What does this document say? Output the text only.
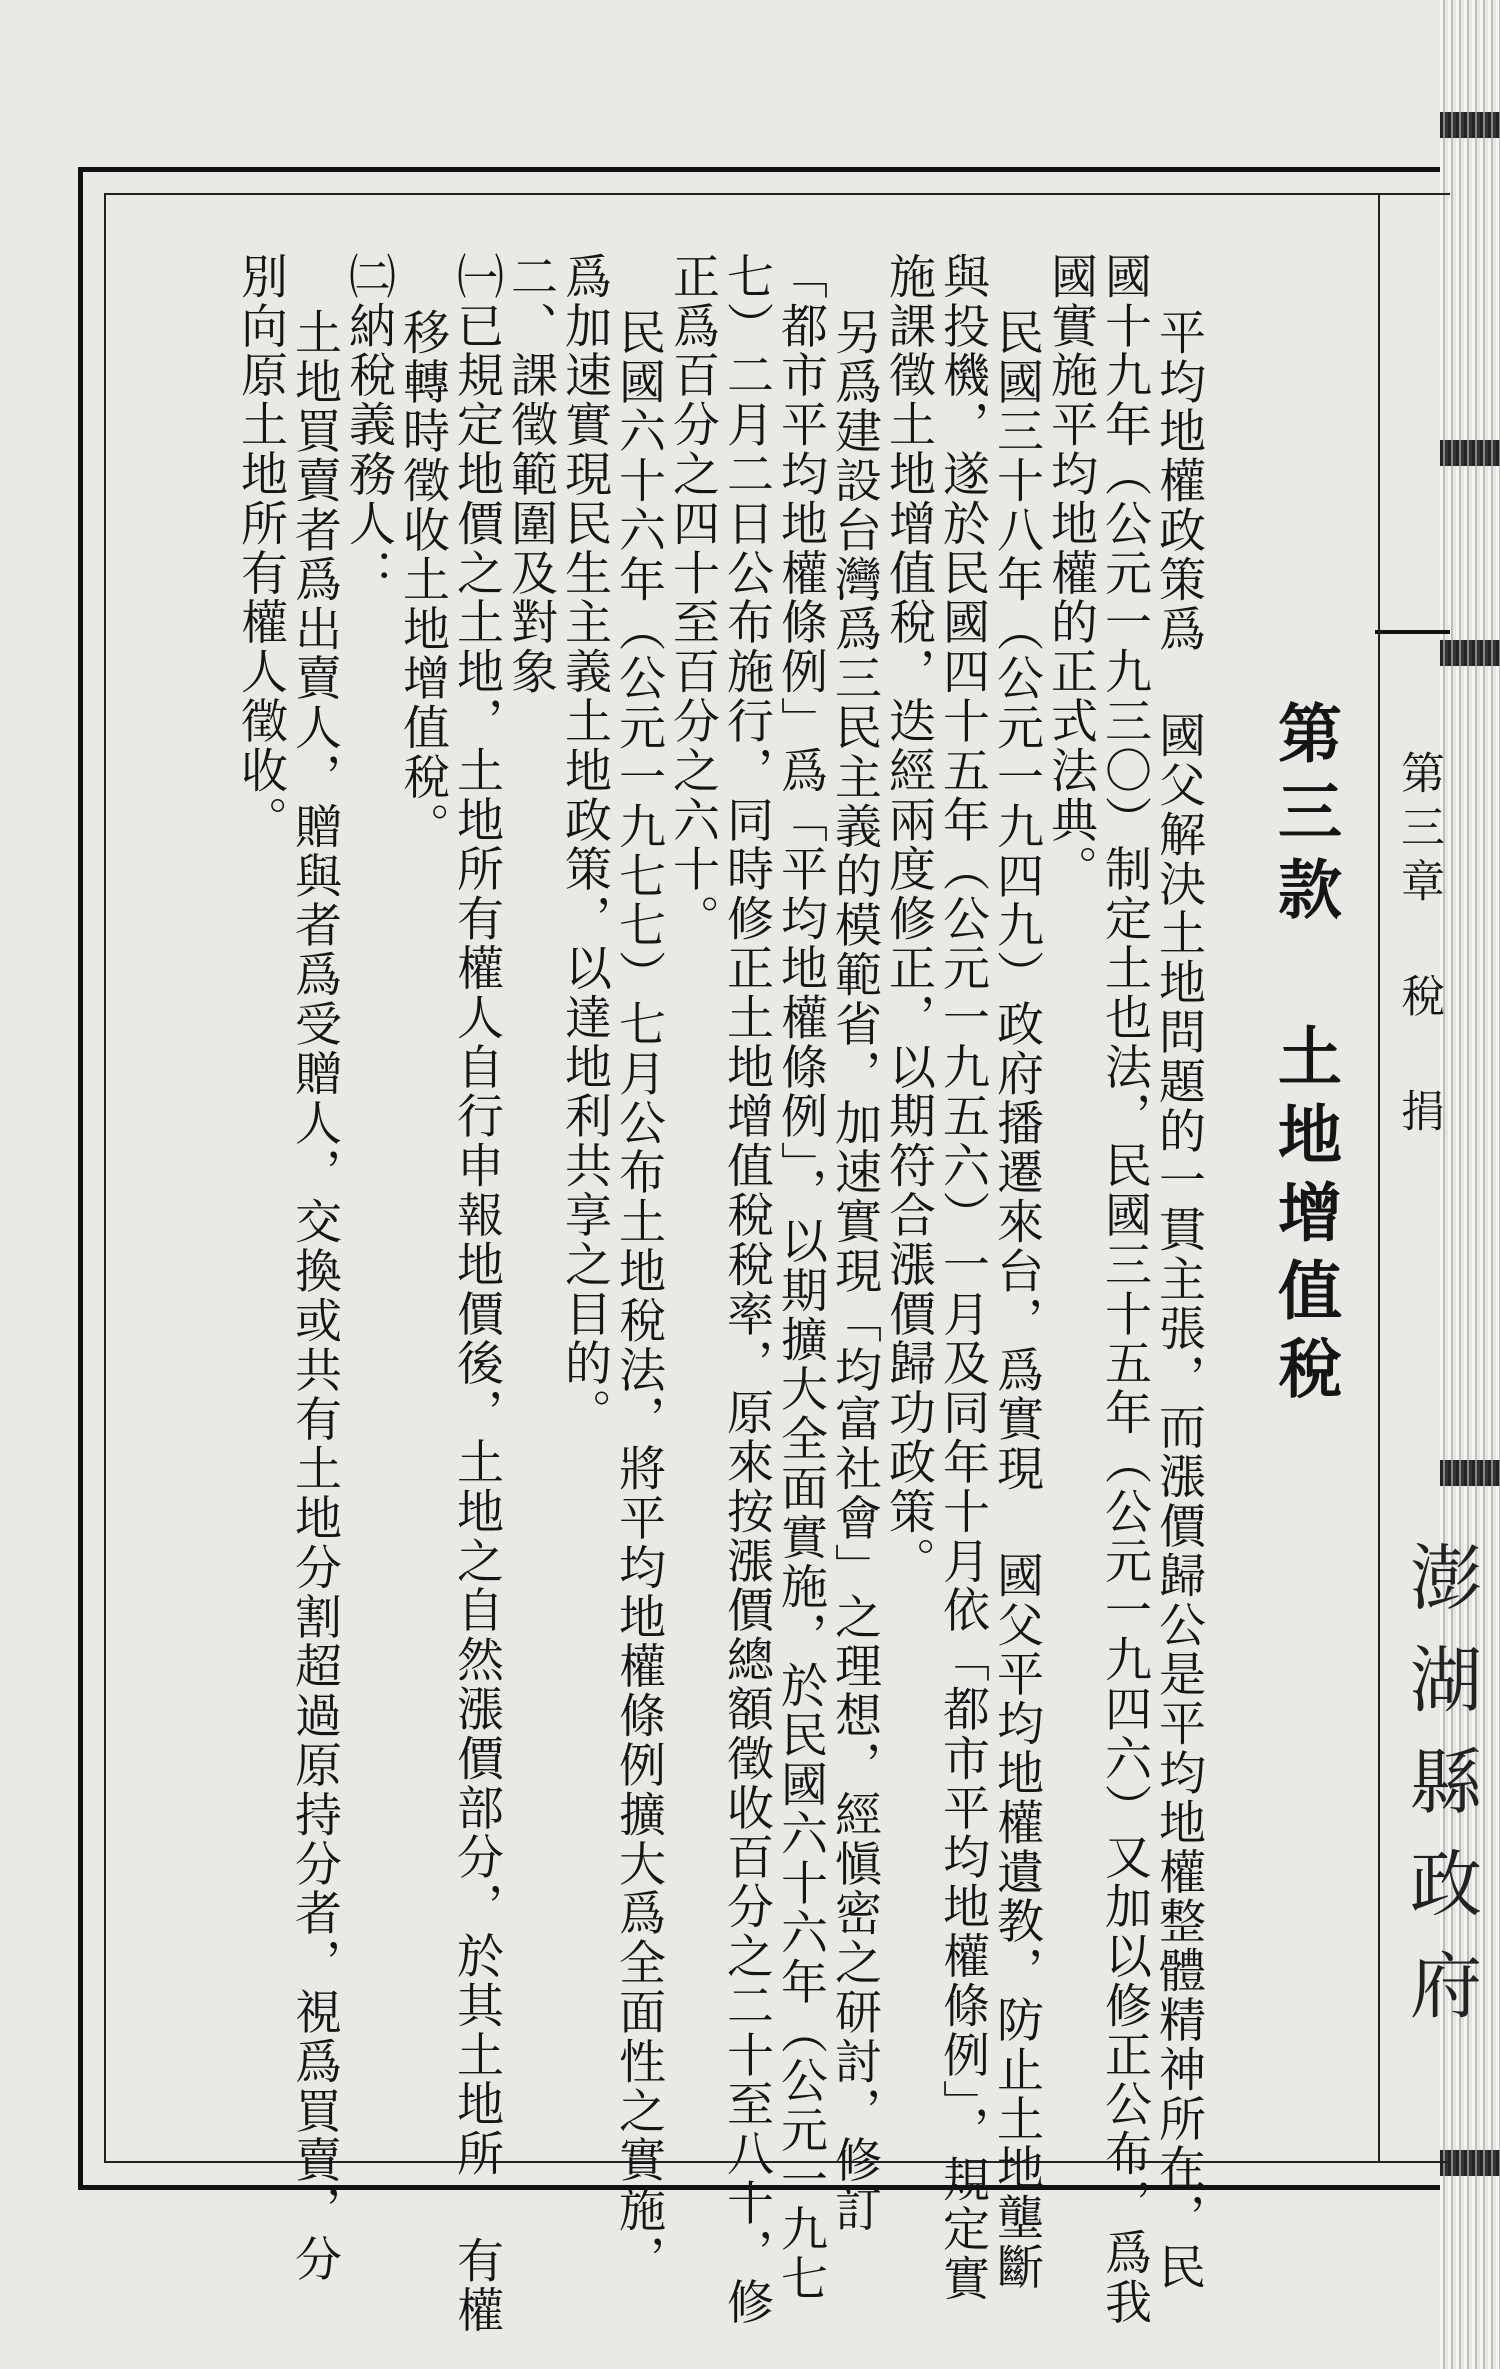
第三章 稅 捐
澎湖縣政府
第三款 土地增值稅
平均地權政策爲 國父解決土地問題的一貫主張，而漲價歸公是平均地權整體精神所在，民
國十九年（公元一九三〇）制定土也法，民國三十五年（公元一九四六）又加以修正公布，爲我
國實施平均地權的正式法典。
民國三十八年（公元一九四九）政府播遷來台，爲實現 國父平均地權遺教，防止土地壟斷
與投機，遂於民國四十五年（公元一九五六）一月及同年十月依「都市平均地權條例」，規定實
施課徵土地增值稅，迭經兩度修正，以期符合漲價歸功政策。
另爲建設台灣爲三民主義的模範省，加速實現「均富社會」之理想，經愼密之研討，修訂
「都市平均地權條例」爲「平均地權條例」，以期擴大全面實施，於民國六十六年（公元一九七
七）二月二日公布施行，同時修正土地增值稅稅率，原來按漲價總額徵收百分之二十至八十，修
正爲百分之四十至百分之六十。
民國六十六年（公元一九七七）七月公布土地稅法，將平均地權條例擴大爲全面性之實施，
爲加速實現民生主義土地政策，以達地利共享之目的。
二、課徵範圍及對象
㈠已規定地價之土地，土地所有權人自行申報地價後，土地之自然漲價部分，於其土地所 有權
移轉時徵收土地增值稅。
㈡納稅義務人：
土地買賣者爲出賣人，贈與者爲受贈人，交換或共有土地分割超過原持分者，視爲買賣，分
別向原土地所有權人徵收。
